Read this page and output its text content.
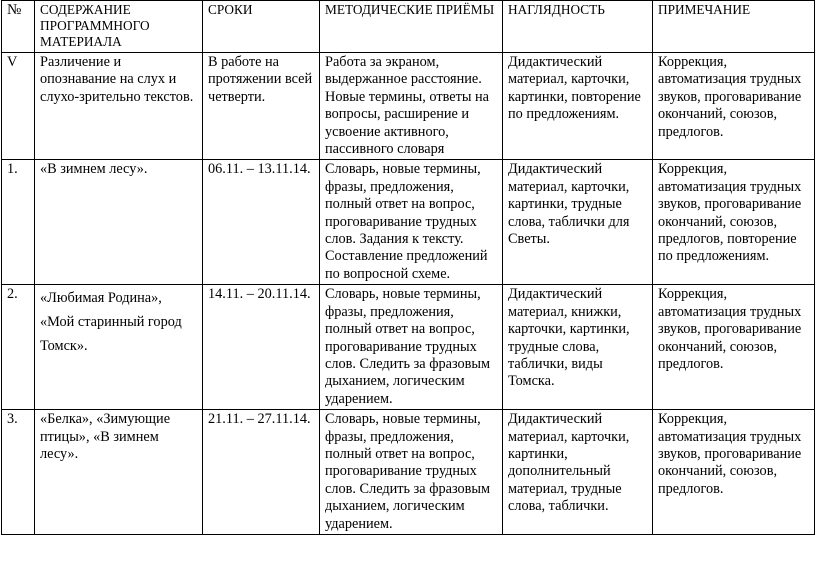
№	СОДЕРЖАНИЕ ПРОГРАММНОГО МАТЕРИАЛА	СРОКИ	МЕТОДИЧЕСКИЕ ПРИЁМЫ	НАГЛЯДНОСТЬ	ПРИМЕЧАНИЕ
V	Различение и опознавание на слух и слухо-зрительно текстов.	В работе на протяжении всей четверти.	Работа за экраном, выдержанное расстояние. Новые термины, ответы на вопросы, расширение и усвоение активного, пассивного словаря	Дидактический материал, карточки, картинки, повторение по предложениям.	Коррекция, автоматизация трудных звуков, проговаривание окончаний, союзов, предлогов.
1.	«В зимнем лесу».	06.11. – 13.11.14.	Словарь, новые термины, фразы, предложения, полный ответ на вопрос, проговаривание трудных слов. Задания к тексту. Составление предложений по вопросной схеме.	Дидактический материал, карточки, картинки, трудные слова, таблички для Светы.	Коррекция, автоматизация трудных звуков, проговаривание окончаний, союзов, предлогов, повторение по предложениям.
2.	«Любимая Родина», «Мой старинный город Томск».	14.11. – 20.11.14.	Словарь, новые термины, фразы, предложения, полный ответ на вопрос, проговаривание трудных слов. Следить за фразовым дыханием, логическим ударением.	Дидактический материал, книжки, карточки, картинки, трудные слова, таблички, виды Томска.	Коррекция, автоматизация трудных звуков, проговаривание окончаний, союзов, предлогов.
3.	«Белка», «Зимующие птицы», «В зимнем лесу».	21.11. – 27.11.14.	Словарь, новые термины, фразы, предложения, полный ответ на вопрос, проговаривание трудных слов. Следить за фразовым дыханием, логическим ударением.	Дидактический материал, карточки, картинки, дополнительный материал, трудные слова, таблички.	Коррекция, автоматизация трудных звуков, проговаривание окончаний, союзов, предлогов.
